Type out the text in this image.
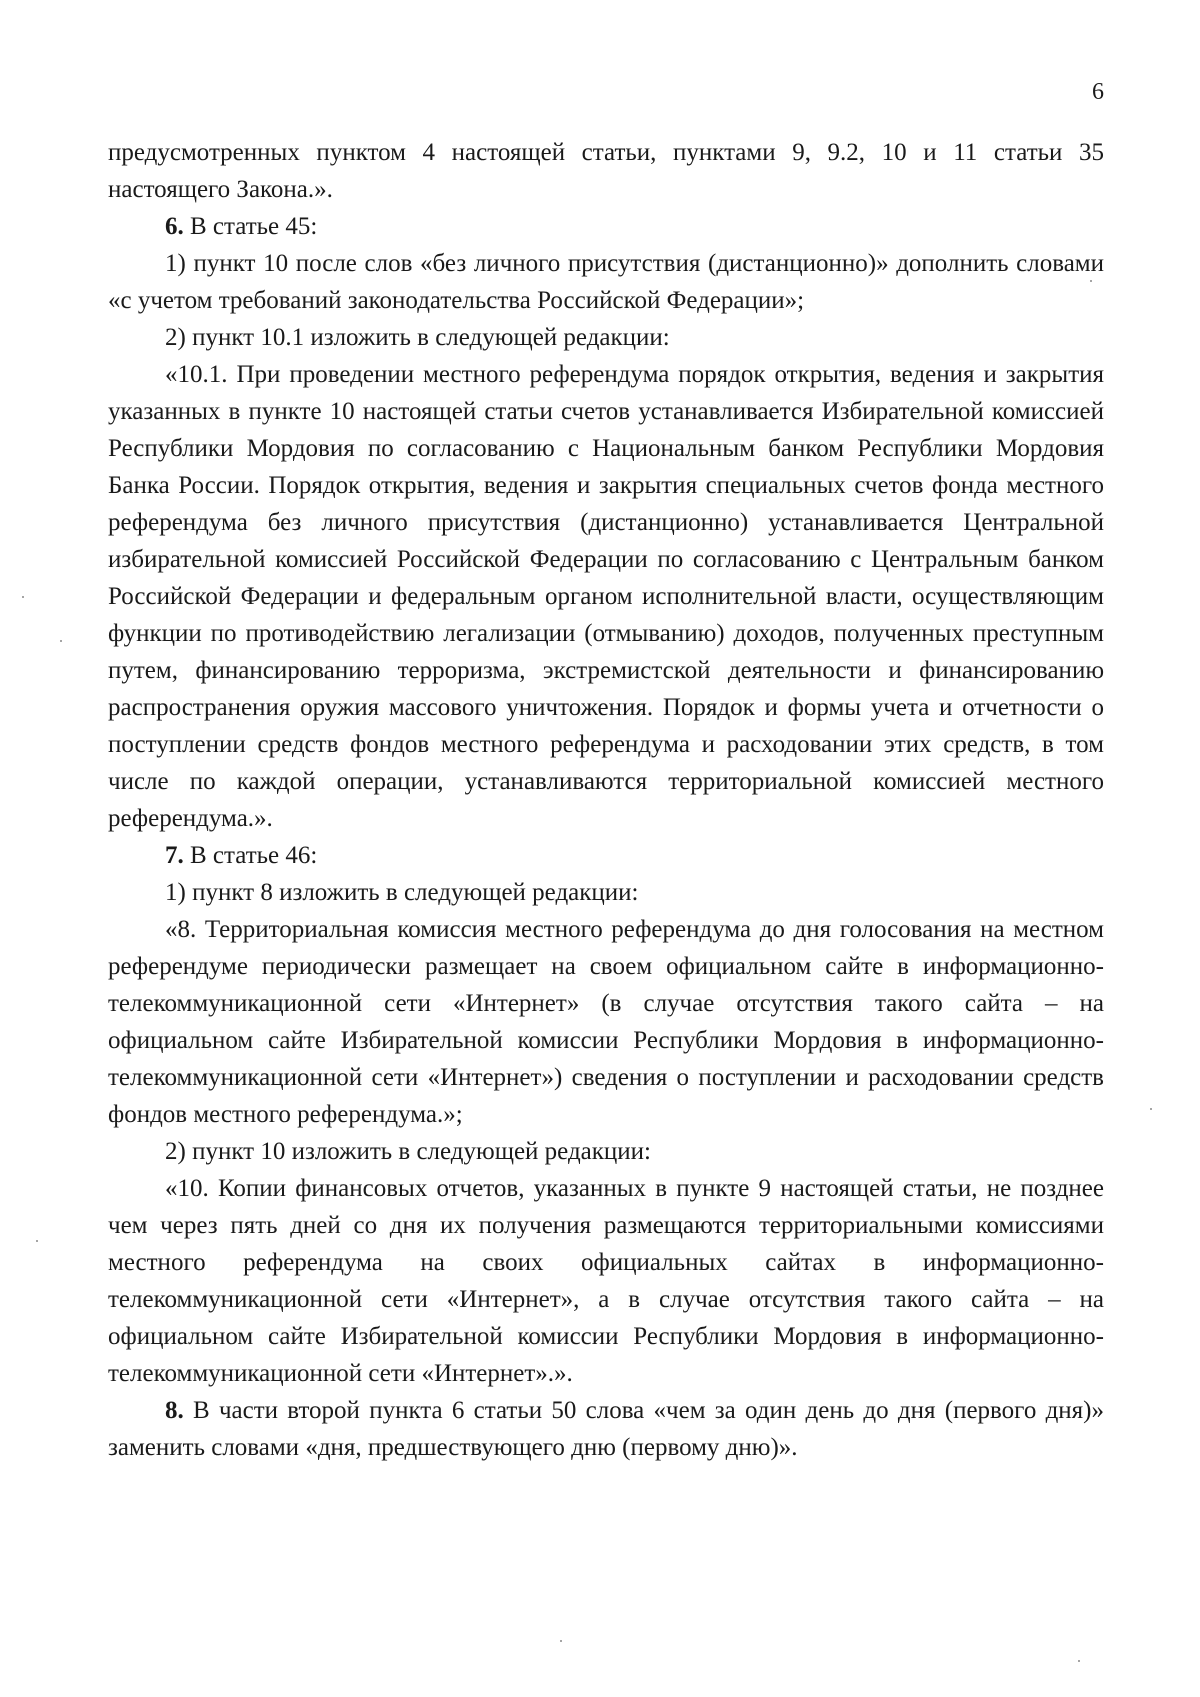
6

предусмотренных пунктом 4 настоящей статьи, пунктами 9, 9.2, 10 и 11 статьи 35 настоящего Закона.».

6. В статье 45:

1) пункт 10 после слов «без личного присутствия (дистанционно)» дополнить словами «с учетом требований законодательства Российской Федерации»;

2) пункт 10.1 изложить в следующей редакции:

«10.1. При проведении местного референдума порядок открытия, ведения и закрытия указанных в пункте 10 настоящей статьи счетов устанавливается Избирательной комиссией Республики Мордовия по согласованию с Национальным банком Республики Мордовия Банка России. Порядок открытия, ведения и закрытия специальных счетов фонда местного референдума без личного присутствия (дистанционно) устанавливается Центральной избирательной комиссией Российской Федерации по согласованию с Центральным банком Российской Федерации и федеральным органом исполнительной власти, осуществляющим функции по противодействию легализации (отмыванию) доходов, полученных преступным путем, финансированию терроризма, экстремистской деятельности и финансированию распространения оружия массового уничтожения. Порядок и формы учета и отчетности о поступлении средств фондов местного референдума и расходовании этих средств, в том числе по каждой операции, устанавливаются территориальной комиссией местного референдума.».

7. В статье 46:

1) пункт 8 изложить в следующей редакции:

«8. Территориальная комиссия местного референдума до дня голосования на местном референдуме периодически размещает на своем официальном сайте в информационно-телекоммуникационной сети «Интернет» (в случае отсутствия такого сайта – на официальном сайте Избирательной комиссии Республики Мордовия в информационно-телекоммуникационной сети «Интернет») сведения о поступлении и расходовании средств фондов местного референдума.»;

2) пункт 10 изложить в следующей редакции:

«10. Копии финансовых отчетов, указанных в пункте 9 настоящей статьи, не позднее чем через пять дней со дня их получения размещаются территориальными комиссиями местного референдума на своих официальных сайтах в информационно-телекоммуникационной сети «Интернет», а в случае отсутствия такого сайта – на официальном сайте Избирательной комиссии Республики Мордовия в информационно-телекоммуникационной сети «Интернет».».

8. В части второй пункта 6 статьи 50 слова «чем за один день до дня (первого дня)» заменить словами «дня, предшествующего дню (первому дню)».
